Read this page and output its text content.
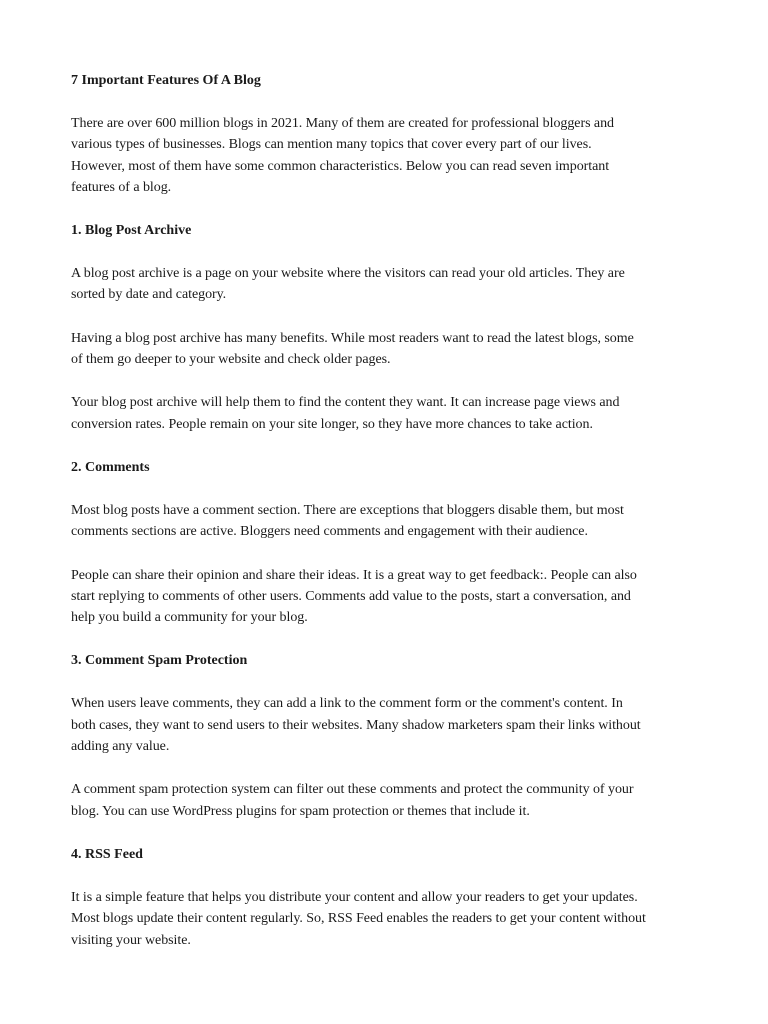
7 Important Features Of A Blog
There are over 600 million blogs in 2021. Many of them are created for professional bloggers and
various types of businesses. Blogs can mention many topics that cover every part of our lives.
However, most of them have some common characteristics. Below you can read seven important
features of a blog.
1. Blog Post Archive
A blog post archive is a page on your website where the visitors can read your old articles. They are
sorted by date and category.
Having a blog post archive has many benefits. While most readers want to read the latest blogs, some
of them go deeper to your website and check older pages.
Your blog post archive will help them to find the content they want. It can increase page views and
conversion rates. People remain on your site longer, so they have more chances to take action.
2. Comments
Most blog posts have a comment section. There are exceptions that bloggers disable them, but most
comments sections are active. Bloggers need comments and engagement with their audience.
People can share their opinion and share their ideas. It is a great way to get feedback:. People can also
start replying to comments of other users. Comments add value to the posts, start a conversation, and
help you build a community for your blog.
3. Comment Spam Protection
When users leave comments, they can add a link to the comment form or the comment's content. In
both cases, they want to send users to their websites. Many shadow marketers spam their links without
adding any value.
A comment spam protection system can filter out these comments and protect the community of your
blog. You can use WordPress plugins for spam protection or themes that include it.
4. RSS Feed
It is a simple feature that helps you distribute your content and allow your readers to get your updates.
Most blogs update their content regularly. So, RSS Feed enables the readers to get your content without
visiting your website.
